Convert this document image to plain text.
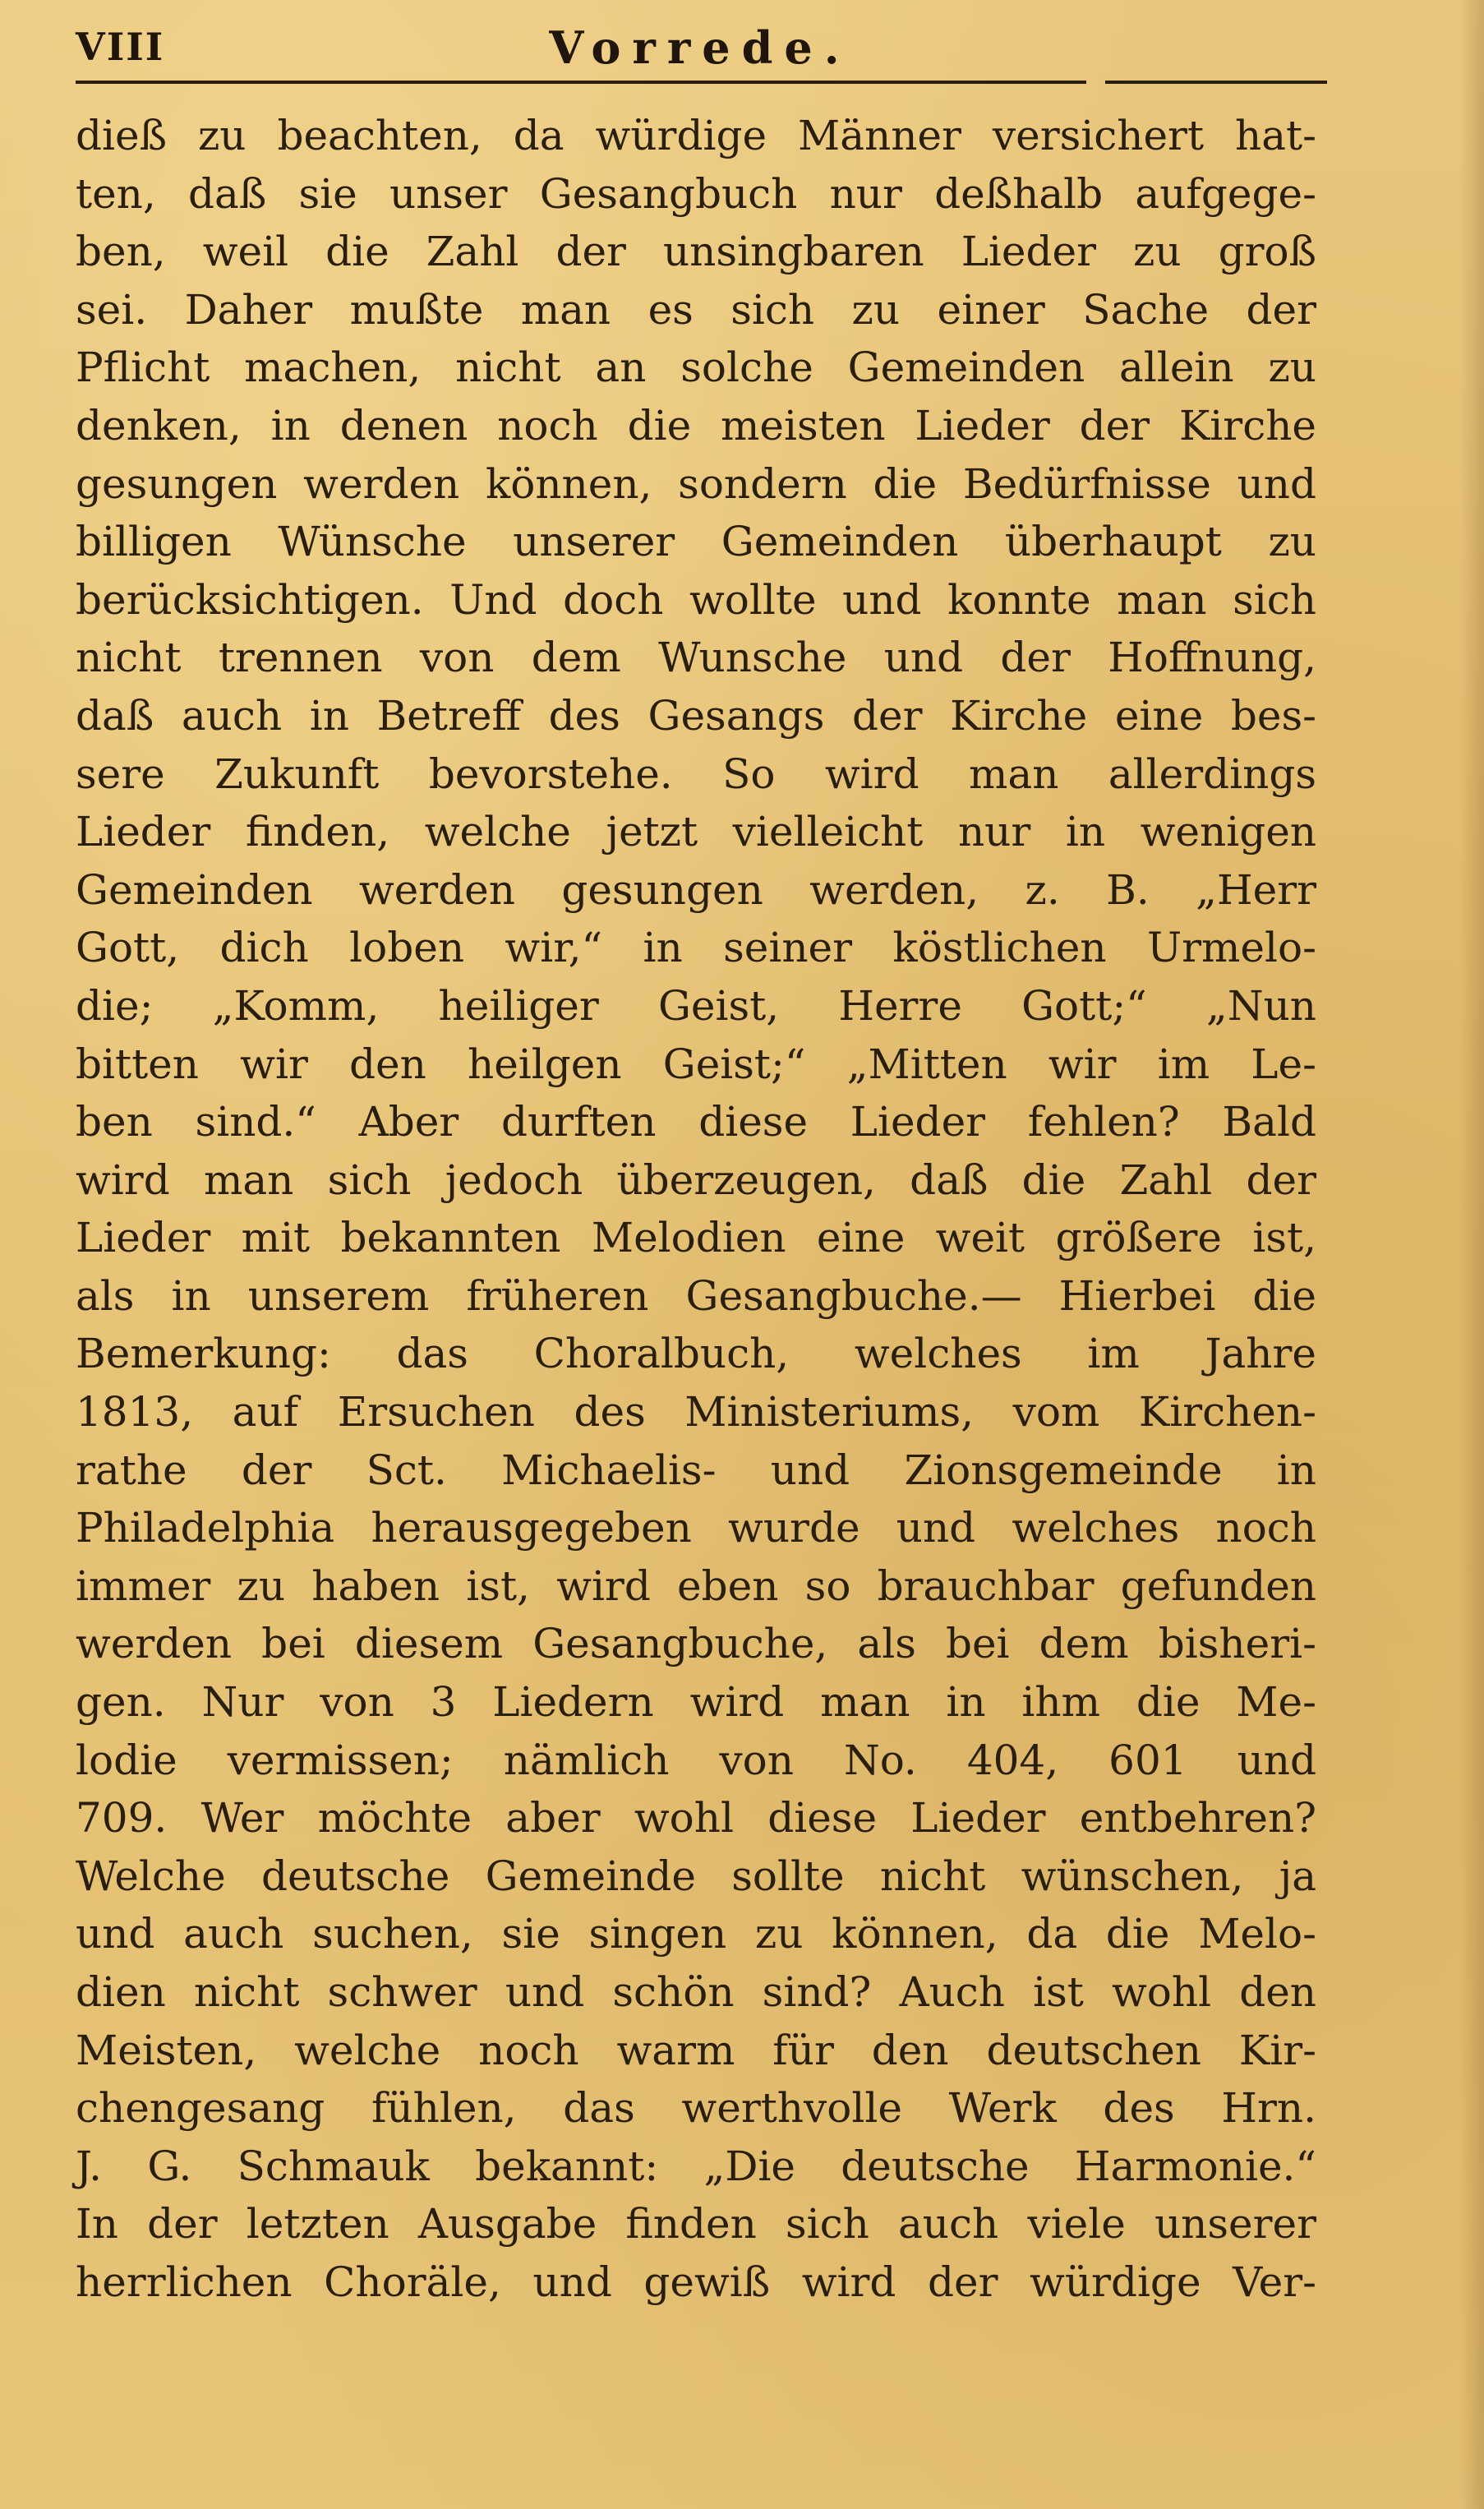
VIII	Vorrede.
dieß zu beachten, da würdige Männer versichert hat-
ten, daß sie unser Gesangbuch nur deßhalb aufgege-
ben, weil die Zahl der unsingbaren Lieder zu groß
sei. Daher mußte man es sich zu einer Sache der
Pflicht machen, nicht an solche Gemeinden allein zu
denken, in denen noch die meisten Lieder der Kirche
gesungen werden können, sondern die Bedürfnisse und
billigen Wünsche unserer Gemeinden überhaupt zu
berücksichtigen. Und doch wollte und konnte man sich
nicht trennen von dem Wunsche und der Hoffnung,
daß auch in Betreff des Gesangs der Kirche eine bes-
sere Zukunft bevorstehe. So wird man allerdings
Lieder finden, welche jetzt vielleicht nur in wenigen
Gemeinden werden gesungen werden, z. B. „Herr
Gott, dich loben wir,“ in seiner köstlichen Urmelo-
die; „Komm, heiliger Geist, Herre Gott;“ „Nun
bitten wir den heilgen Geist;“ „Mitten wir im Le-
ben sind.“ Aber durften diese Lieder fehlen? Bald
wird man sich jedoch überzeugen, daß die Zahl der
Lieder mit bekannten Melodien eine weit größere ist,
als in unserem früheren Gesangbuche.— Hierbei die
Bemerkung: das Choralbuch, welches im Jahre
1813, auf Ersuchen des Ministeriums, vom Kirchen-
rathe der Sct. Michaelis- und Zionsgemeinde in
Philadelphia herausgegeben wurde und welches noch
immer zu haben ist, wird eben so brauchbar gefunden
werden bei diesem Gesangbuche, als bei dem bisheri-
gen. Nur von 3 Liedern wird man in ihm die Me-
lodie vermissen; nämlich von No. 404, 601 und
709. Wer möchte aber wohl diese Lieder entbehren?
Welche deutsche Gemeinde sollte nicht wünschen, ja
und auch suchen, sie singen zu können, da die Melo-
dien nicht schwer und schön sind? Auch ist wohl den
Meisten, welche noch warm für den deutschen Kir-
chengesang fühlen, das werthvolle Werk des Hrn.
J. G. Schmauk bekannt: „Die deutsche Harmonie.“
In der letzten Ausgabe finden sich auch viele unserer
herrlichen Choräle, und gewiß wird der würdige Ver-
